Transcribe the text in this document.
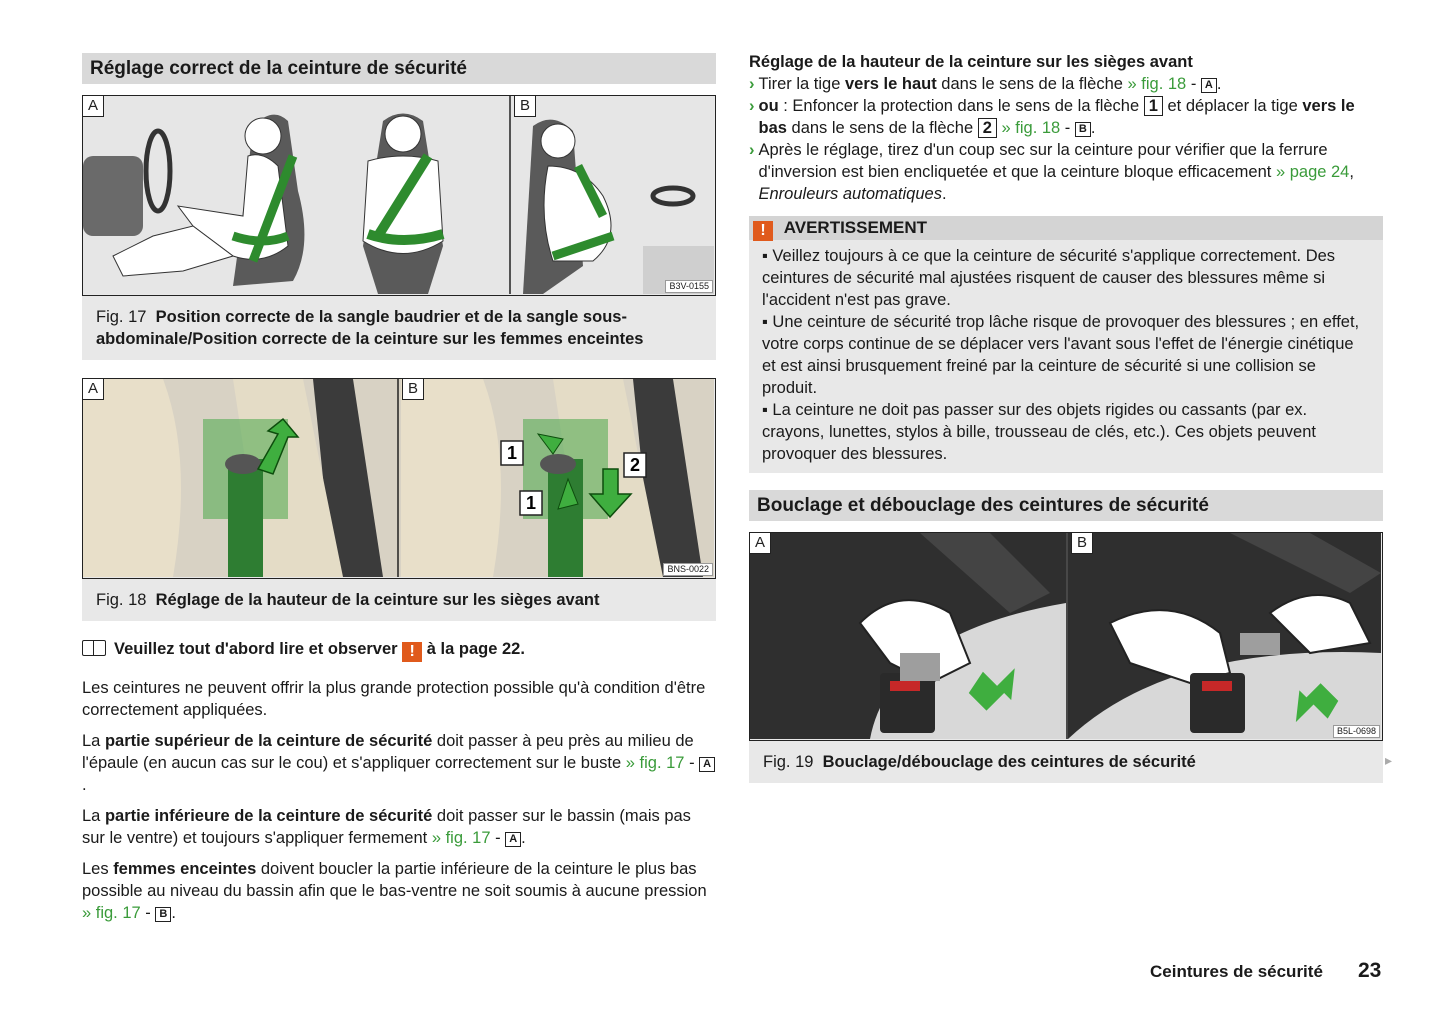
Réglage correct de la ceinture de sécurité
A	B
B3V-0155
Fig. 17 Position correcte de la sangle baudrier et de la sangle sous-abdominale/Position correcte de la ceinture sur les femmes enceintes
1
1
2
A	B
BNS-0022
Fig. 18 Réglage de la hauteur de la ceinture sur les sièges avant
Veuillez tout d'abord lire et observer ! à la page 22.

Les ceintures ne peuvent offrir la plus grande protection possible qu'à condition d'être correctement appliquées.

La partie supérieur de la ceinture de sécurité doit passer à peu près au milieu de l'épaule (en aucun cas sur le cou) et s'appliquer correctement sur le buste » fig. 17 - A.

La partie inférieure de la ceinture de sécurité doit passer sur le bassin (mais pas sur le ventre) et toujours s'appliquer fermement » fig. 17 - A .

Les femmes enceintes doivent boucler la partie inférieure de la ceinture le plus bas possible au niveau du bassin afin que le bas-ventre ne soit soumis à aucune pression » fig. 17 - B .

Réglage de la hauteur de la ceinture sur les sièges avant
› Tirer la tige vers le haut dans le sens de la flèche » fig. 18 - A .
› ou : Enfoncer la protection dans le sens de la flèche 1 et déplacer la tige vers le bas dans le sens de la flèche 2 » fig. 18 - B .
› Après le réglage, tirez d'un coup sec sur la ceinture pour vérifier que la ferrure d'inversion est bien encliquetée et que la ceinture bloque efficacement » page 24, Enrouleurs automatiques.
! AVERTISSEMENT
▪ Veillez toujours à ce que la ceinture de sécurité s'applique correctement. Des ceintures de sécurité mal ajustées risquent de causer des blessures même si l'accident n'est pas grave.
▪ Une ceinture de sécurité trop lâche risque de provoquer des blessures ; en effet, votre corps continue de se déplacer vers l'avant sous l'effet de l'énergie cinétique et est ainsi brusquement freiné par la ceinture de sécurité si une collision se produit.
▪ La ceinture ne doit pas passer sur des objets rigides ou cassants (par ex. crayons, lunettes, stylos à bille, trousseau de clés, etc.). Ces objets peuvent provoquer des blessures.
Bouclage et débouclage des ceintures de sécurité
A	B
B5L-0698
Fig. 19 Bouclage/débouclage des ceintures de sécurité	▸
Ceintures de sécurité 23
